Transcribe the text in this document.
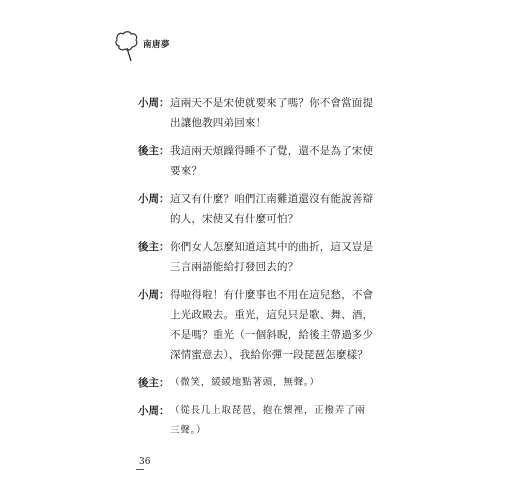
南唐夢
小周： 這兩天不是宋使就要來了嗎？你不會當面提
出讓他教四弟回來！
後主： 我這兩天煩躁得睡不了覺，還不是為了宋使
要來？
小周： 這又有什麼？咱們江南難道還沒有能說善辯
的人，宋使又有什麼可怕？
後主： 你們女人怎麼知道這其中的曲折，這又豈是
三言兩語能給打發回去的？
小周： 得啦得啦！有什麼事也不用在這兒愁，不會
上光政殿去。重光，這兒只是歌、舞、酒，
不是嗎？重光（一個斜睨，給後主帶過多少
深情蜜意去），我給你彈一段琵琶怎麼樣？
後主： （微笑，緩緩地點著頭，無聲。）
小周： （從長几上取琵琶，抱在懷裡，正撥弄了兩
三聲。）
36
